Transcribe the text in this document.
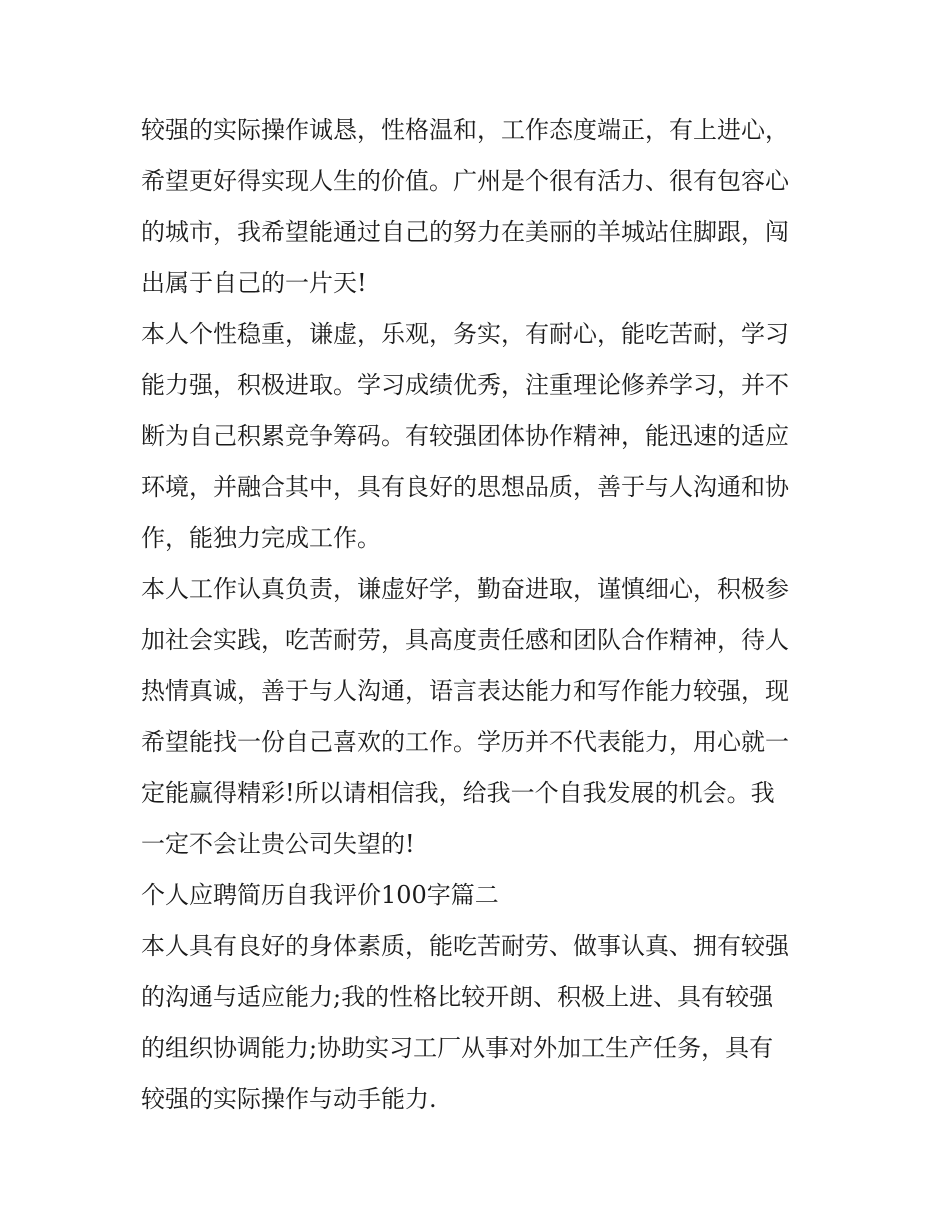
较强的实际操作诚恳，性格温和，工作态度端正，有上进心，
希望更好得实现人生的价值。广州是个很有活力、很有包容心
的城市，我希望能通过自己的努力在美丽的羊城站住脚跟，闯
出属于自己的一片天!

本人个性稳重，谦虚，乐观，务实，有耐心，能吃苦耐，学习
能力强，积极进取。学习成绩优秀，注重理论修养学习，并不
断为自己积累竞争筹码。有较强团体协作精神，能迅速的适应
环境，并融合其中，具有良好的思想品质，善于与人沟通和协
作，能独力完成工作。

本人工作认真负责，谦虚好学，勤奋进取，谨慎细心，积极参
加社会实践，吃苦耐劳，具高度责任感和团队合作精神，待人
热情真诚，善于与人沟通，语言表达能力和写作能力较强，现
希望能找一份自己喜欢的工作。学历并不代表能力，用心就一
定能赢得精彩!所以请相信我，给我一个自我发展的机会。我
一定不会让贵公司失望的!

个人应聘简历自我评价100字篇二

本人具有良好的身体素质，能吃苦耐劳、做事认真、拥有较强
的沟通与适应能力;我的性格比较开朗、积极上进、具有较强
的组织协调能力;协助实习工厂从事对外加工生产任务，具有
较强的实际操作与动手能力.
